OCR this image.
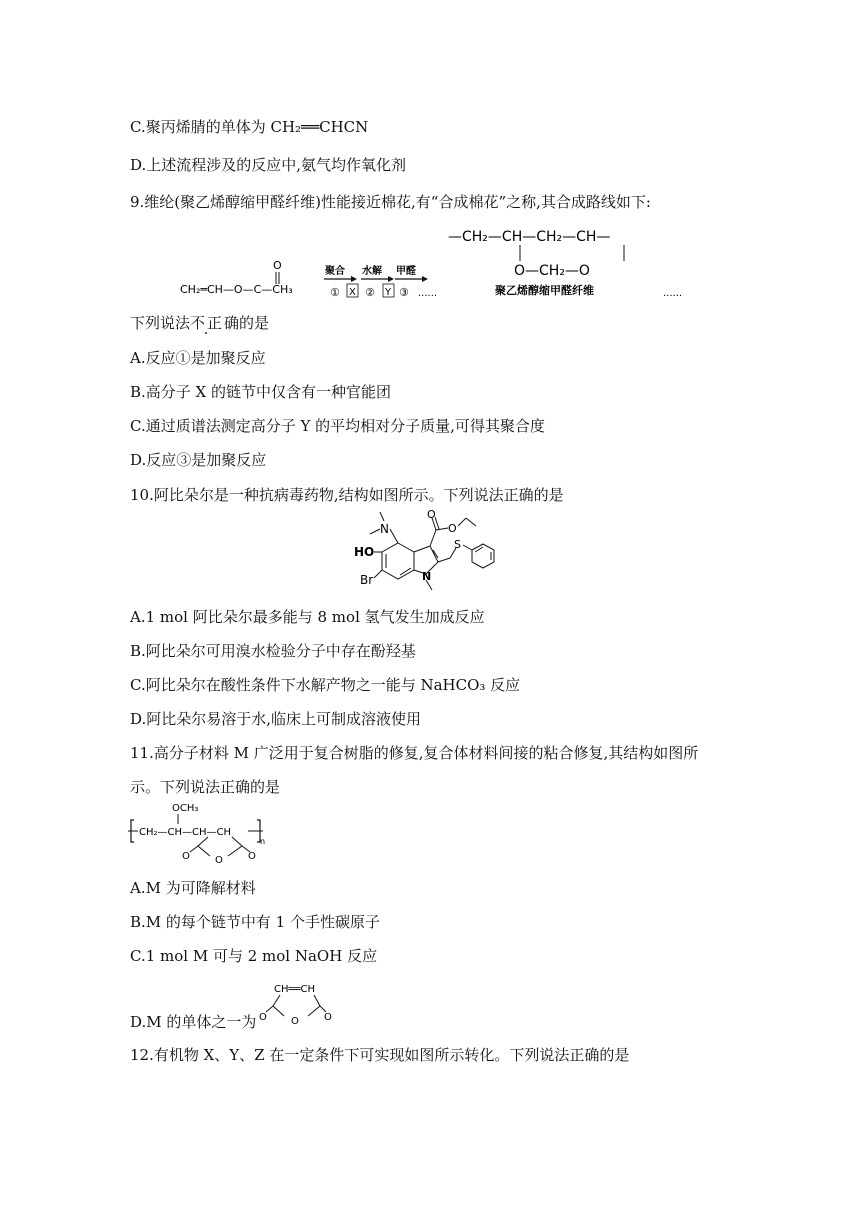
C.聚丙烯腈的单体为 CH₂══CHCN
D.上述流程涉及的反应中,氨气均作氧化剂
9.维纶(聚乙烯醇缩甲醛纤维)性能接近棉花,有“合成棉花”之称,其合成路线如下:
CH₂═CH—O—C—CH₃
O	聚合
① X
水解
② Y
甲醛
③ ......
—CH₂—CH—CH₂—CH—
O—CH₂—O
聚乙烯醇缩甲醛纤维	......
下列说法不正确的是
A.反应①是加聚反应
B.高分子 X 的链节中仅含有一种官能团
C.通过质谱法测定高分子 Y 的平均相对分子质量,可得其聚合度
D.反应③是加聚反应
10.阿比朵尔是一种抗病毒药物,结构如图所示。下列说法正确的是
N
HO
Br	N
O
O
S
A.1 mol 阿比朵尔最多能与 8 mol 氢气发生加成反应
B.阿比朵尔可用溴水检验分子中存在酚羟基
C.阿比朵尔在酸性条件下水解产物之一能与 NaHCO₃ 反应
D.阿比朵尔易溶于水,临床上可制成溶液使用
11.高分子材料 M 广泛用于复合树脂的修复,复合体材料间接的粘合修复,其结构如图所
示。下列说法正确的是
OCH₃
CH₂—CH—CH—CH
n
O	O	O
A.M 为可降解材料
B.M 的每个链节中有 1 个手性碳原子
C.1 mol M 可与 2 mol NaOH 反应
D.M 的单体之一为
CH══CH
O O	O
12.有机物 X、Y、Z 在一定条件下可实现如图所示转化。下列说法正确的是
